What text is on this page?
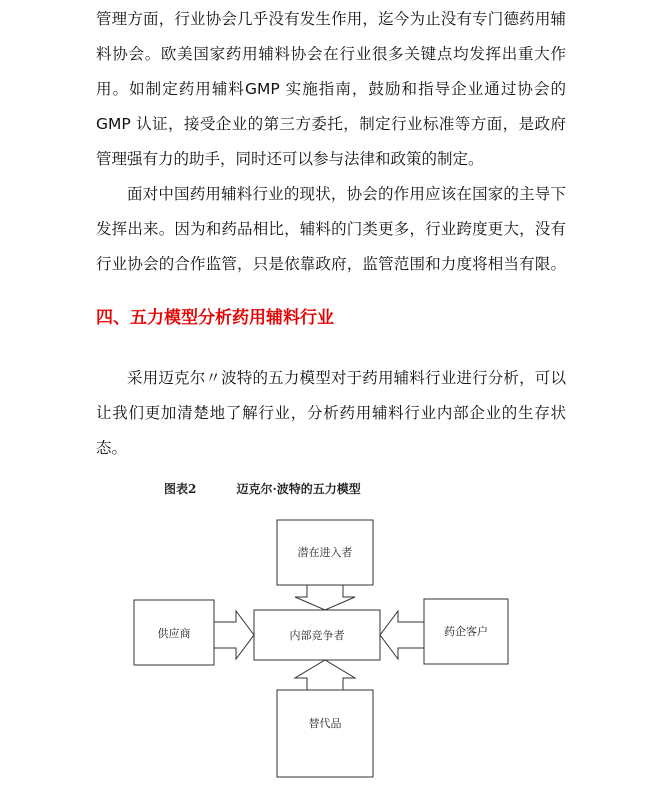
管理方面，行业协会几乎没有发生作用，迄今为止没有专门德药用辅
料协会。欧美国家药用辅料协会在行业很多关键点均发挥出重大作
用。如制定药用辅料GMP 实施指南，鼓励和指导企业通过协会的
GMP 认证，接受企业的第三方委托，制定行业标准等方面，是政府
管理强有力的助手，同时还可以参与法律和政策的制定。
面对中国药用辅料行业的现状，协会的作用应该在国家的主导下
发挥出来。因为和药品相比，辅料的门类更多，行业跨度更大，没有
行业协会的合作监管，只是依靠政府，监管范围和力度将相当有限。
四、五力模型分析药用辅料行业
采用迈克尔〃波特的五力模型对于药用辅料行业进行分析，可以
让我们更加清楚地了解行业，分析药用辅料行业内部企业的生存状
态。
图表2	迈克尔·波特的五力模型
潜在进入者
内部竞争者
供应商	药企客户
替代品
